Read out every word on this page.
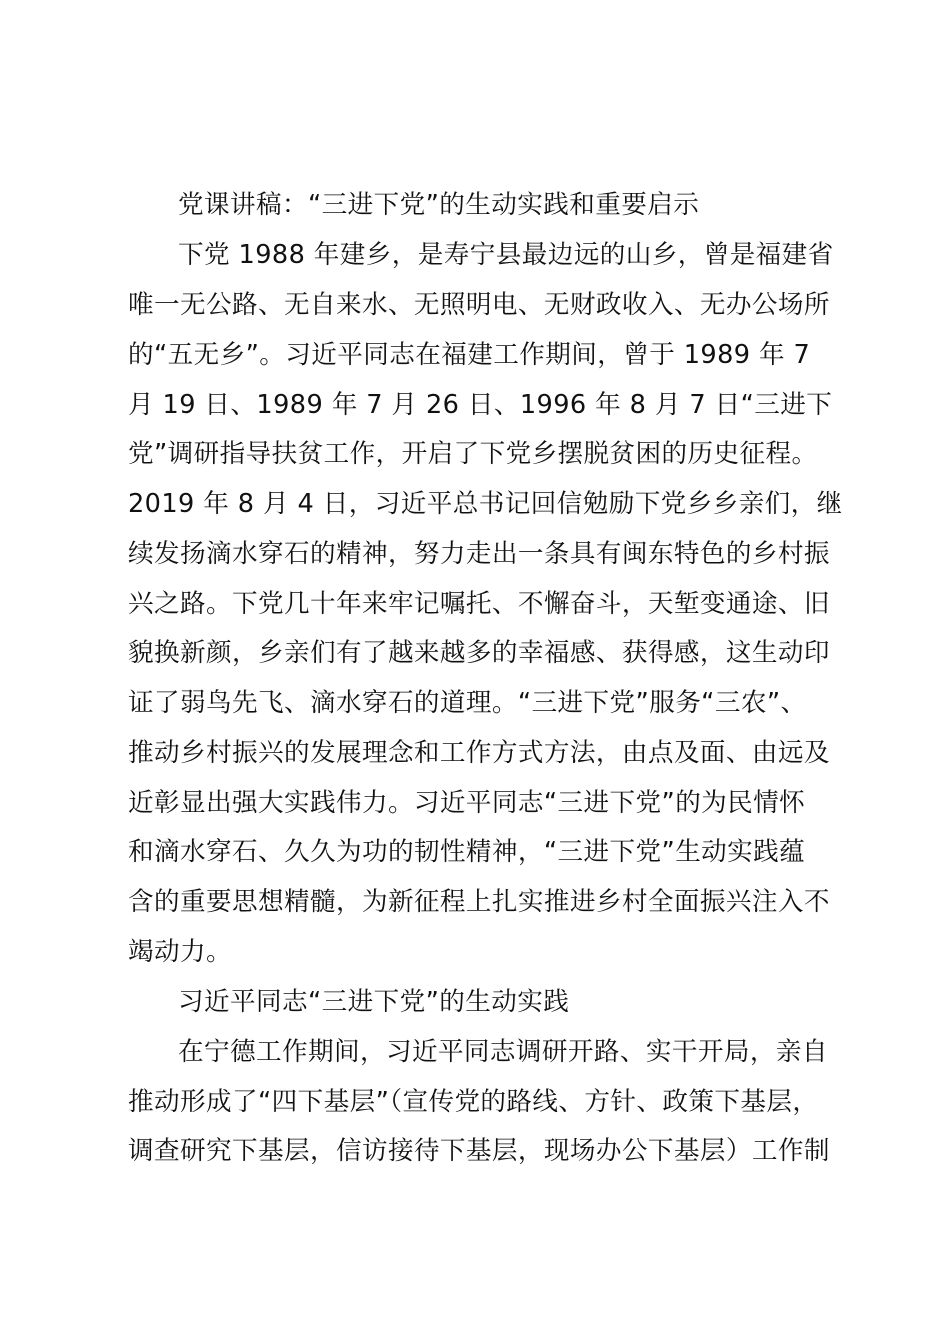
党课讲稿：“三进下党”的生动实践和重要启示
下党 1988 年建乡，是寿宁县最边远的山乡，曾是福建省
唯一无公路、无自来水、无照明电、无财政收入、无办公场所
的“五无乡”。习近平同志在福建工作期间，曾于 1989 年 7
月 19 日、1989 年 7 月 26 日、1996 年 8 月 7 日“三进下
党”调研指导扶贫工作，开启了下党乡摆脱贫困的历史征程。
2019 年 8 月 4 日，习近平总书记回信勉励下党乡乡亲们，继
续发扬滴水穿石的精神，努力走出一条具有闽东特色的乡村振
兴之路。下党几十年来牢记嘱托、不懈奋斗，天堑变通途、旧
貌换新颜，乡亲们有了越来越多的幸福感、获得感，这生动印
证了弱鸟先飞、滴水穿石的道理。“三进下党”服务“三农”、
推动乡村振兴的发展理念和工作方式方法，由点及面、由远及
近彰显出强大实践伟力。习近平同志“三进下党”的为民情怀
和滴水穿石、久久为功的韧性精神，“三进下党”生动实践蕴
含的重要思想精髓，为新征程上扎实推进乡村全面振兴注入不
竭动力。
习近平同志“三进下党”的生动实践
在宁德工作期间，习近平同志调研开路、实干开局，亲自
推动形成了“四下基层”（宣传党的路线、方针、政策下基层，
调查研究下基层，信访接待下基层，现场办公下基层）工作制
